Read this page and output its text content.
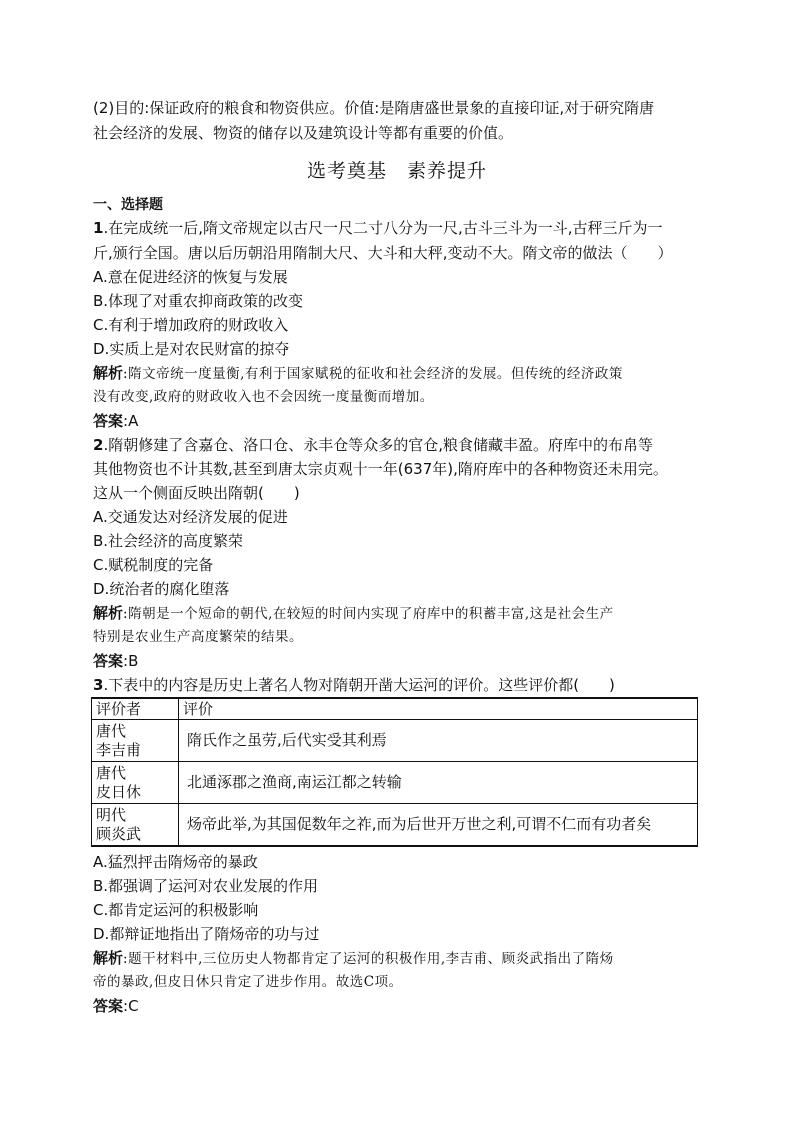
(2)目的:保证政府的粮食和物资供应。价值:是隋唐盛世景象的直接印证,对于研究隋唐
社会经济的发展、物资的储存以及建筑设计等都有重要的价值。
选考奠基　素养提升
一、选择题
1.在完成统一后,隋文帝规定以古尺一尺二寸八分为一尺,古斗三斗为一斗,古秤三斤为一
斤,颁行全国。唐以后历朝沿用隋制大尺、大斗和大秤,变动不大。隋文帝的做法（　　）
A.意在促进经济的恢复与发展
B.体现了对重农抑商政策的改变
C.有利于增加政府的财政收入
D.实质上是对农民财富的掠夺
解析:隋文帝统一度量衡,有利于国家赋税的征收和社会经济的发展。但传统的经济政策
没有改变,政府的财政收入也不会因统一度量衡而增加。
答案:A
2.隋朝修建了含嘉仓、洛口仓、永丰仓等众多的官仓,粮食储藏丰盈。府库中的布帛等
其他物资也不计其数,甚至到唐太宗贞观十一年(637年),隋府库中的各种物资还未用完。
这从一个侧面反映出隋朝(　　)
A.交通发达对经济发展的促进
B.社会经济的高度繁荣
C.赋税制度的完备
D.统治者的腐化堕落
解析:隋朝是一个短命的朝代,在较短的时间内实现了府库中的积蓄丰富,这是社会生产
特别是农业生产高度繁荣的结果。
答案:B
3.下表中的内容是历史上著名人物对隋朝开凿大运河的评价。这些评价都(　　)
评价者	评价

唐代
李吉甫	隋氏作之虽劳,后代实受其利焉

唐代
皮日休	北通涿郡之渔商,南运江都之转输

明代
顾炎武	炀帝此举,为其国促数年之祚,而为后世开万世之利,可谓不仁而有功者矣
A.猛烈抨击隋炀帝的暴政
B.都强调了运河对农业发展的作用
C.都肯定运河的积极影响
D.都辩证地指出了隋炀帝的功与过
解析:题干材料中,三位历史人物都肯定了运河的积极作用,李吉甫、顾炎武指出了隋炀
帝的暴政,但皮日休只肯定了进步作用。故选C项。
答案:C
